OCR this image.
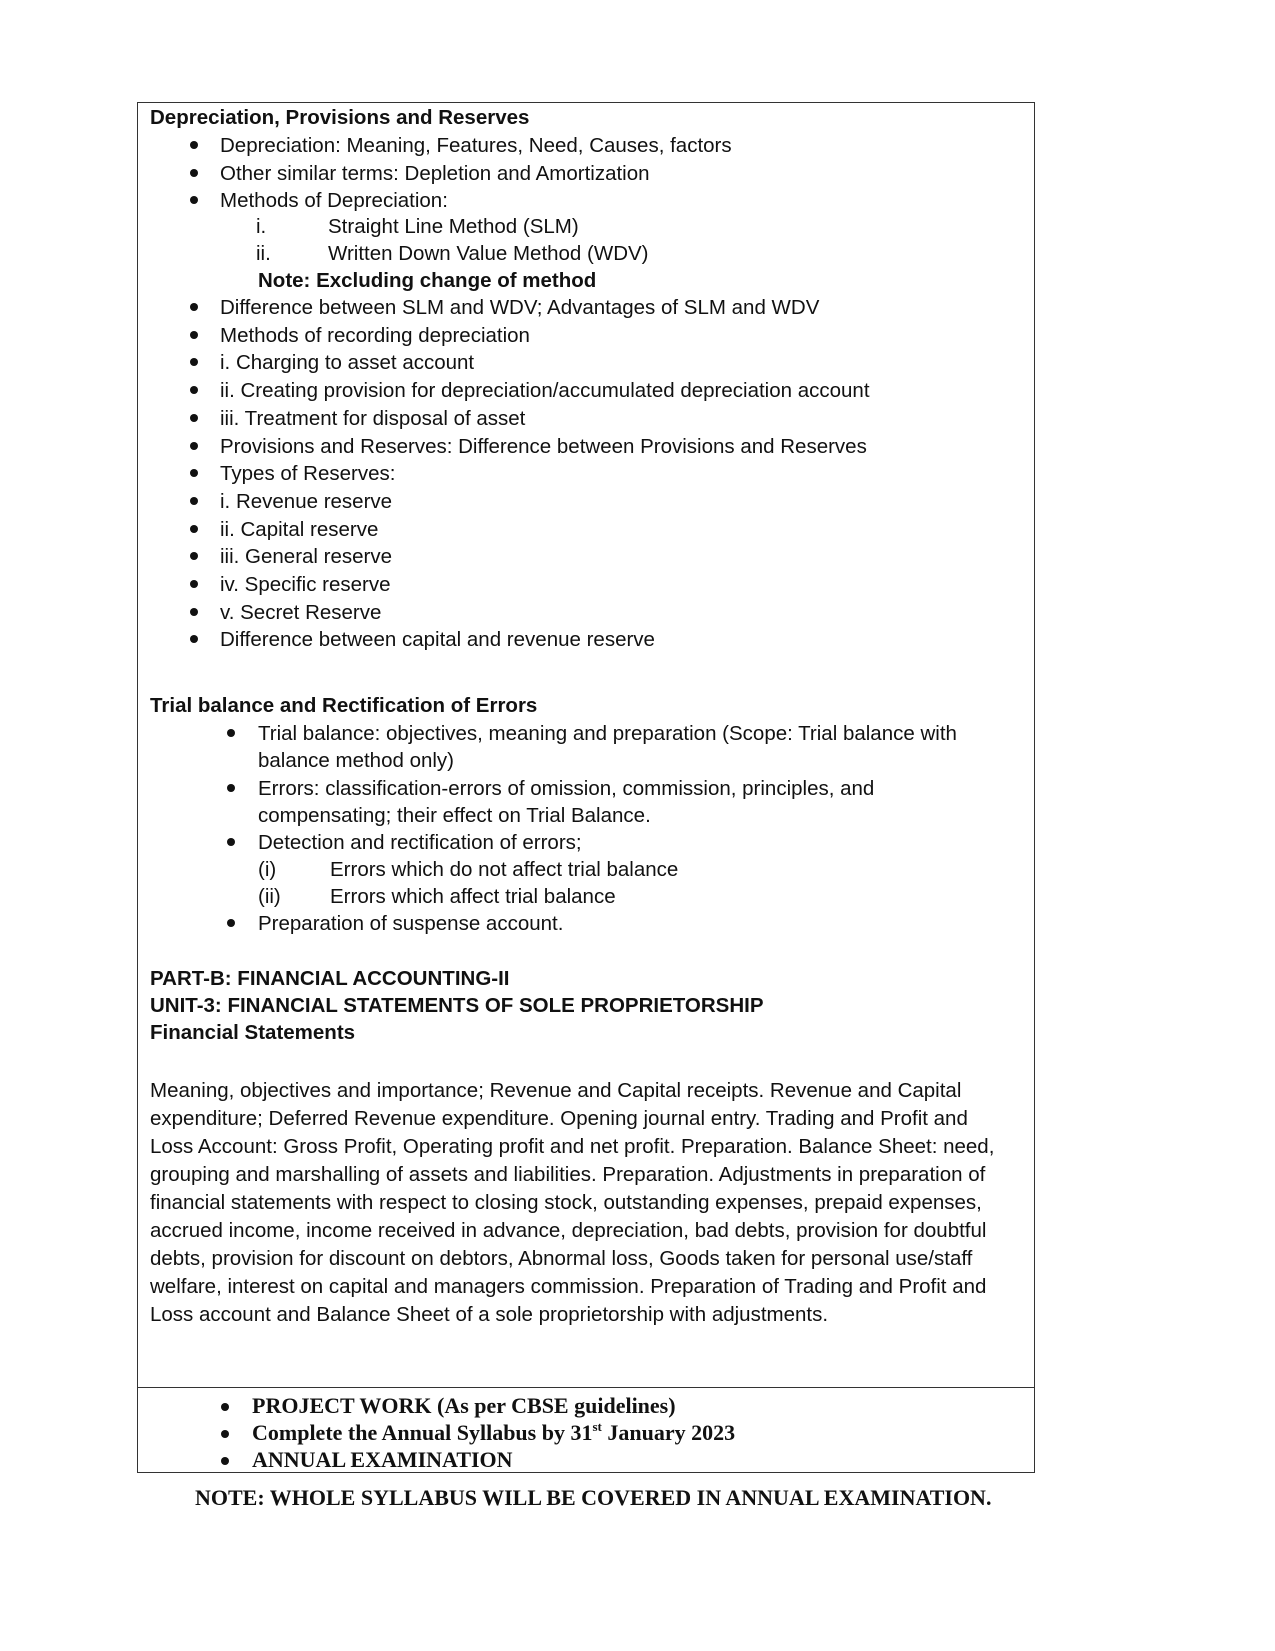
Depreciation, Provisions and Reserves
Depreciation: Meaning, Features, Need, Causes, factors
Other similar terms: Depletion and Amortization
Methods of Depreciation:
i.	Straight Line Method (SLM)
ii.	Written Down Value Method (WDV)
Note: Excluding change of method
Difference between SLM and WDV; Advantages of SLM and WDV
Methods of recording depreciation
i. Charging to asset account
ii. Creating provision for depreciation/accumulated depreciation account
iii. Treatment for disposal of asset
Provisions and Reserves: Difference between Provisions and Reserves
Types of Reserves:
i. Revenue reserve
ii. Capital reserve
iii. General reserve
iv. Specific reserve
v. Secret Reserve
Difference between capital and revenue reserve
Trial balance and Rectification of Errors
Trial balance: objectives, meaning and preparation (Scope: Trial balance with
balance method only)
Errors: classification-errors of omission, commission, principles, and
compensating; their effect on Trial Balance.
Detection and rectification of errors;
(i)	Errors which do not affect trial balance
(ii) Errors which affect trial balance
Preparation of suspense account.
PART-B: FINANCIAL ACCOUNTING-II
UNIT-3: FINANCIAL STATEMENTS OF SOLE PROPRIETORSHIP
Financial Statements
Meaning, objectives and importance; Revenue and Capital receipts. Revenue and Capital
expenditure; Deferred Revenue expenditure. Opening journal entry. Trading and Profit and
Loss Account: Gross Profit, Operating profit and net profit. Preparation. Balance Sheet: need,
grouping and marshalling of assets and liabilities. Preparation. Adjustments in preparation of
financial statements with respect to closing stock, outstanding expenses, prepaid expenses,
accrued income, income received in advance, depreciation, bad debts, provision for doubtful
debts, provision for discount on debtors, Abnormal loss, Goods taken for personal use/staff
welfare, interest on capital and managers commission. Preparation of Trading and Profit and
Loss account and Balance Sheet of a sole proprietorship with adjustments.
PROJECT WORK (As per CBSE guidelines)
Complete the Annual Syllabus by 31st January 2023
ANNUAL EXAMINATION
NOTE: WHOLE SYLLABUS WILL BE COVERED IN ANNUAL EXAMINATION.
